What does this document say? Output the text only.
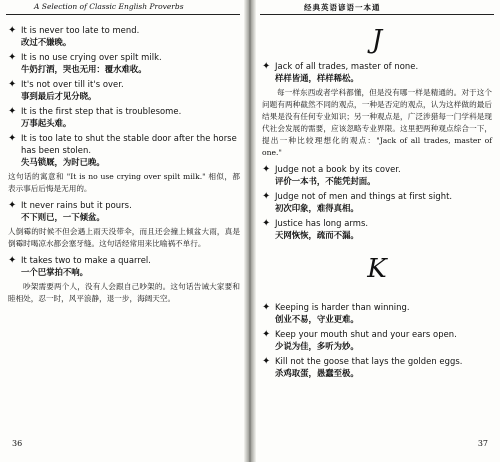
A Selection of Classic English Proverbs
✦ It is never too late to mend.
改过不嫌晚。
✦ It is no use crying over spilt milk.
牛奶打洒，哭也无用：覆水难收。
✦ It's not over till it's over.
事到最后才见分晓。
✦ It is the first step that is troublesome.
万事起头难。
✦ It is too late to shut the stable door after the horse has been stolen.
失马锁厩，为时已晚。
这句话的寓意和 "It is no use crying over spilt milk." 相似，都表示事后后悔是无用的。
✦ It never rains but it pours.
不下则已，一下倾盆。
人倒霉的时候不但会遇上雨天没带伞，而且还会撞上倾盆大雨，真是倒霉时喝凉水都会塞牙缝。这句话经常用来比喻祸不单行。
✦ It takes two to make a quarrel.
一个巴掌拍不响。
吵架需要两个人，没有人会跟自己吵架的。这句话告诫大家要和睦相处，忍一时，风平浪静，退一步，海阔天空。
36
经典英语谚语一本通
J
✦ Jack of all trades, master of none.
样样皆通，样样稀松。
每一样东西或者学科都懂，但是没有哪一样是精通的。对于这个问题有两种截然不同的观点，一种是否定的观点，认为这样做的最后结果是没有任何专业知识；另一种观点是，广泛涉猎每一门学科是现代社会发展的需要，应该忽略专业界限。这里把两种观点综合一下，提出一种比较理想化的观点："Jack of all trades, master of one."
✦ Judge not a book by its cover.
评价一本书，不能凭封面。
✦ Judge not of men and things at first sight.
初次印象，难得真相。
✦ Justice has long arms.
天网恢恢，疏而不漏。
K
✦ Keeping is harder than winning.
创业不易，守业更难。
✦ Keep your mouth shut and your ears open.
少说为佳，多听为妙。
✦ Kill not the goose that lays the golden eggs.
杀鸡取蛋，愚蠢至极。
37
